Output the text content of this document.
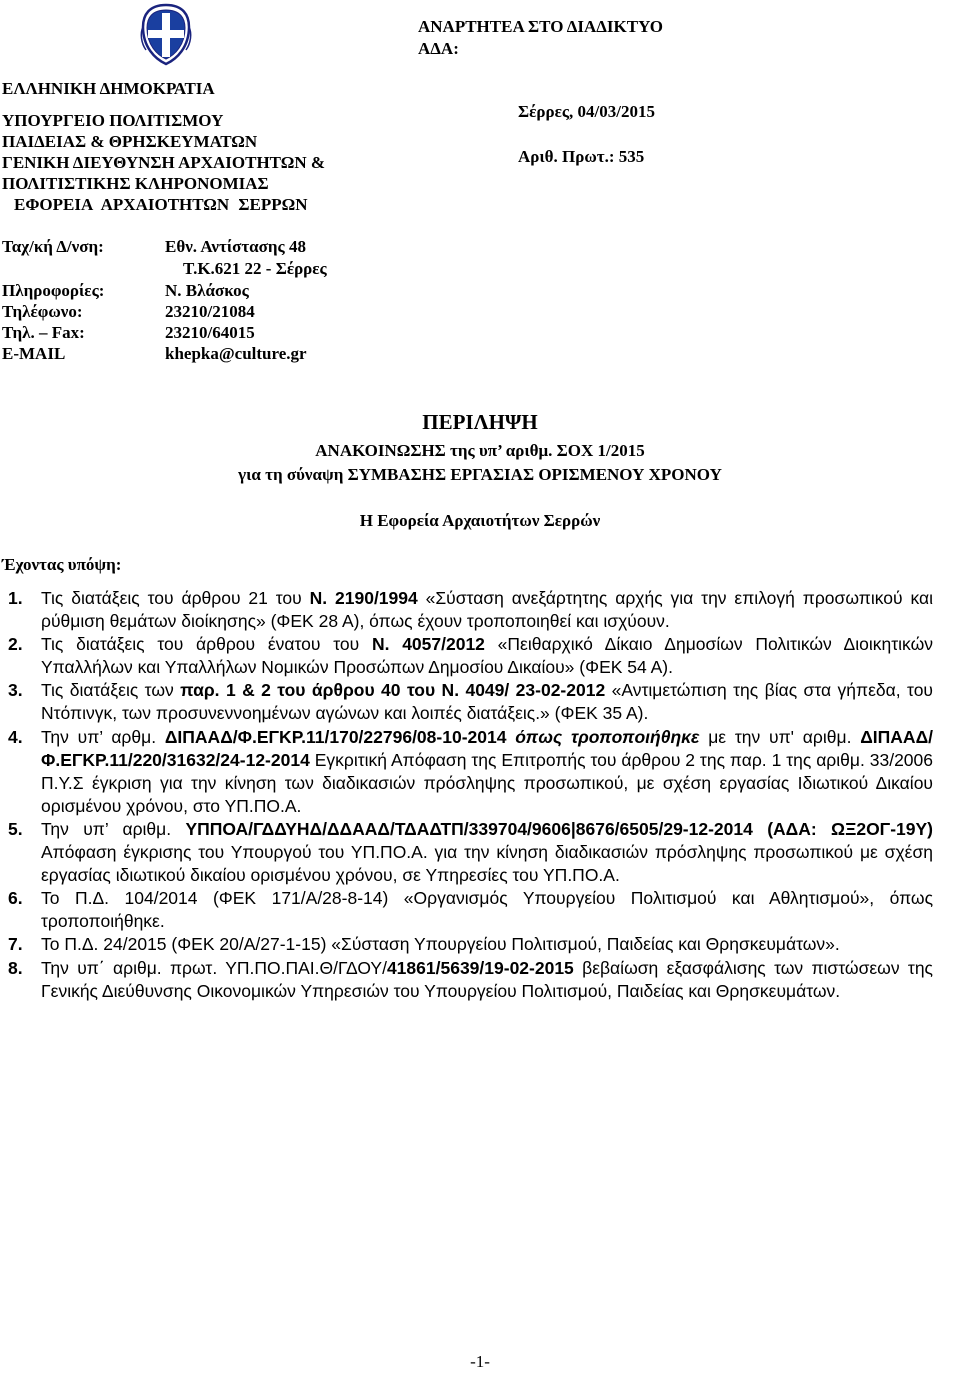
ΕΛΛΗΝΙΚΗ ΔΗΜΟΚΡΑΤΙΑ
ΥΠΟΥΡΓΕΙΟ ΠΟΛΙΤΙΣΜΟΥ
ΠΑΙΔΕΙΑΣ & ΘΡΗΣΚΕΥΜΑΤΩΝ
ΓΕΝΙΚΗ ΔΙΕΥΘΥΝΣΗ ΑΡΧΑΙΟΤΗΤΩΝ &
ΠΟΛΙΤΙΣΤΙΚΗΣ ΚΛΗΡΟΝΟΜΙΑΣ
ΕΦΟΡΕΙΑ ΑΡΧΑΙΟΤΗΤΩΝ ΣΕΡΡΩΝ
ΑΝΑΡΤΗΤΕΑ ΣΤΟ ΔΙΑΔΙΚΤΥΟ
ΑΔΑ:
Σέρρες, 04/03/2015
Αριθ. Πρωτ.: 535
Ταχ/κή Δ/νση:	Εθν. Αντίστασης 48
Τ.Κ.621 22 - Σέρρες
Πληροφορίες:	Ν. Βλάσκος
Τηλέφωνο:	23210/21084
Τηλ. – Fax:	23210/64015
E-MAIL	khepka@culture.gr
ΠΕΡΙΛΗΨΗ
ΑΝΑΚΟΙΝΩΣΗΣ της υπ’ αριθμ. ΣΟΧ 1/2015
για τη σύναψη ΣΥΜΒΑΣΗΣ ΕΡΓΑΣΙΑΣ ΟΡΙΣΜΕΝΟΥ ΧΡΟΝΟΥ
Η Εφορεία Αρχαιοτήτων Σερρών
Έχοντας υπόψη:
1.	Τις διατάξεις του άρθρου 21 του Ν. 2190/1994 «Σύσταση ανεξάρτητης αρχής για την επιλογή προσωπικού και ρύθμιση θεμάτων διοίκησης» (ΦΕΚ 28 Α), όπως έχουν τροποποιηθεί και ισχύουν.
2.	Τις διατάξεις του άρθρου ένατου του Ν. 4057/2012 «Πειθαρχικό Δίκαιο Δημοσίων Πολιτικών Διοικητικών Υπαλλήλων και Υπαλλήλων Νομικών Προσώπων Δημοσίου Δικαίου» (ΦΕΚ 54 Α).
3.	Τις διατάξεις των παρ. 1 & 2 του άρθρου 40 του Ν. 4049/ 23-02-2012 «Αντιμετώπιση της βίας στα γήπεδα, του Ντόπινγκ, των προσυνεννοημένων αγώνων και λοιπές διατάξεις.» (ΦΕΚ 35 Α).
4.	Την υπ’ αρθμ. ΔΙΠΑΑΔ/Φ.ΕΓΚΡ.11/170/22796/08-10-2014 όπως τροποποιήθηκε με την υπ' αριθμ. ΔΙΠΑΑΔ/Φ.ΕΓΚΡ.11/220/31632/24-12-2014 Εγκριτική Απόφαση της Επιτροπής του άρθρου 2 της παρ. 1 της αριθμ. 33/2006 Π.Υ.Σ έγκριση για την κίνηση των διαδικασιών πρόσληψης προσωπικού, με σχέση εργασίας Ιδιωτικού Δικαίου ορισμένου χρόνου, στο ΥΠ.ΠΟ.Α.
5.	Την υπ’ αριθμ. ΥΠΠΟΑ/ΓΔΔΥΗΔ/ΔΔΑΑΔ/ΤΔΑΔΤΠ/339704/9606|8676/6505/29-12-2014 (ΑΔΑ: ΩΞ2ΟΓ-19Υ) Απόφαση έγκρισης του Υπουργού του ΥΠ.ΠΟ.Α. για την κίνηση διαδικασιών πρόσληψης προσωπικού με σχέση εργασίας ιδιωτικού δικαίου ορισμένου χρόνου, σε Υπηρεσίες του ΥΠ.ΠΟ.Α.
6.	Το Π.Δ. 104/2014 (ΦΕΚ 171/Α/28-8-14) «Οργανισμός Υπουργείου Πολιτισμού και Αθλητισμού», όπως τροποποιήθηκε.
7.	Το Π.Δ. 24/2015 (ΦΕΚ 20/Α/27-1-15) «Σύσταση Υπουργείου Πολιτισμού, Παιδείας και Θρησκευμάτων».
8.	Την υπ΄ αριθμ. πρωτ. ΥΠ.ΠΟ.ΠΑΙ.Θ/ΓΔΟΥ/41861/5639/19-02-2015 βεβαίωση εξασφάλισης των πιστώσεων της Γενικής Διεύθυνσης Οικονομικών Υπηρεσιών του Υπουργείου Πολιτισμού, Παιδείας και Θρησκευμάτων.
-1-
